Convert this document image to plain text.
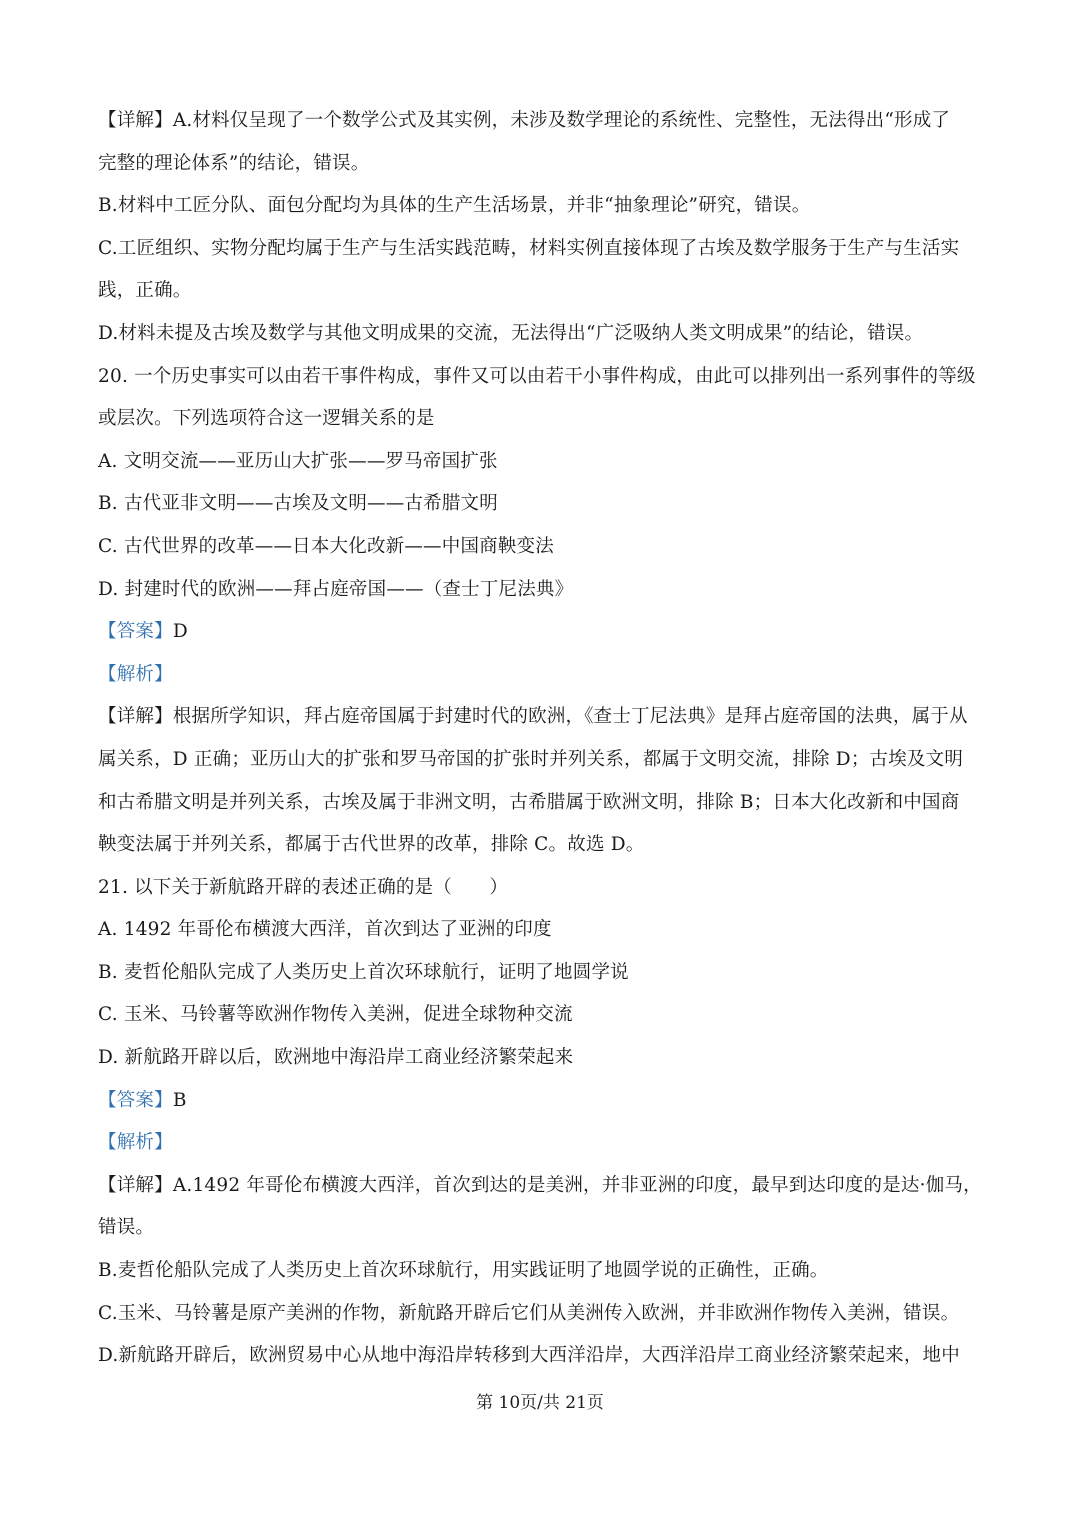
【详解】A.材料仅呈现了一个数学公式及其实例，未涉及数学理论的系统性、完整性，无法得出“形成了
完整的理论体系”的结论，错误。
B.材料中工匠分队、面包分配均为具体的生产生活场景，并非“抽象理论”研究，错误。
C.工匠组织、实物分配均属于生产与生活实践范畴，材料实例直接体现了古埃及数学服务于生产与生活实
践，正确。
D.材料未提及古埃及数学与其他文明成果的交流，无法得出“广泛吸纳人类文明成果”的结论，错误。
20. 一个历史事实可以由若干事件构成，事件又可以由若干小事件构成，由此可以排列出一系列事件的等级
或层次。下列选项符合这一逻辑关系的是
A. 文明交流——亚历山大扩张——罗马帝国扩张
B. 古代亚非文明——古埃及文明——古希腊文明
C. 古代世界的改革——日本大化改新——中国商鞅变法
D. 封建时代的欧洲——拜占庭帝国——（查士丁尼法典》
【答案】D
【解析】
【详解】根据所学知识，拜占庭帝国属于封建时代的欧洲，《查士丁尼法典》是拜占庭帝国的法典，属于从
属关系，D 正确；亚历山大的扩张和罗马帝国的扩张时并列关系，都属于文明交流，排除 D；古埃及文明
和古希腊文明是并列关系，古埃及属于非洲文明，古希腊属于欧洲文明，排除 B；日本大化改新和中国商
鞅变法属于并列关系，都属于古代世界的改革，排除 C。故选 D。
21. 以下关于新航路开辟的表述正确的是（　　）
A. 1492 年哥伦布横渡大西洋，首次到达了亚洲的印度
B. 麦哲伦船队完成了人类历史上首次环球航行，证明了地圆学说
C. 玉米、马铃薯等欧洲作物传入美洲，促进全球物种交流
D. 新航路开辟以后，欧洲地中海沿岸工商业经济繁荣起来
【答案】B
【解析】
【详解】A.1492 年哥伦布横渡大西洋，首次到达的是美洲，并非亚洲的印度，最早到达印度的是达·伽马，
错误。
B.麦哲伦船队完成了人类历史上首次环球航行，用实践证明了地圆学说的正确性，正确。
C.玉米、马铃薯是原产美洲的作物，新航路开辟后它们从美洲传入欧洲，并非欧洲作物传入美洲，错误。
D.新航路开辟后，欧洲贸易中心从地中海沿岸转移到大西洋沿岸，大西洋沿岸工商业经济繁荣起来，地中
第 10页/共 21页
